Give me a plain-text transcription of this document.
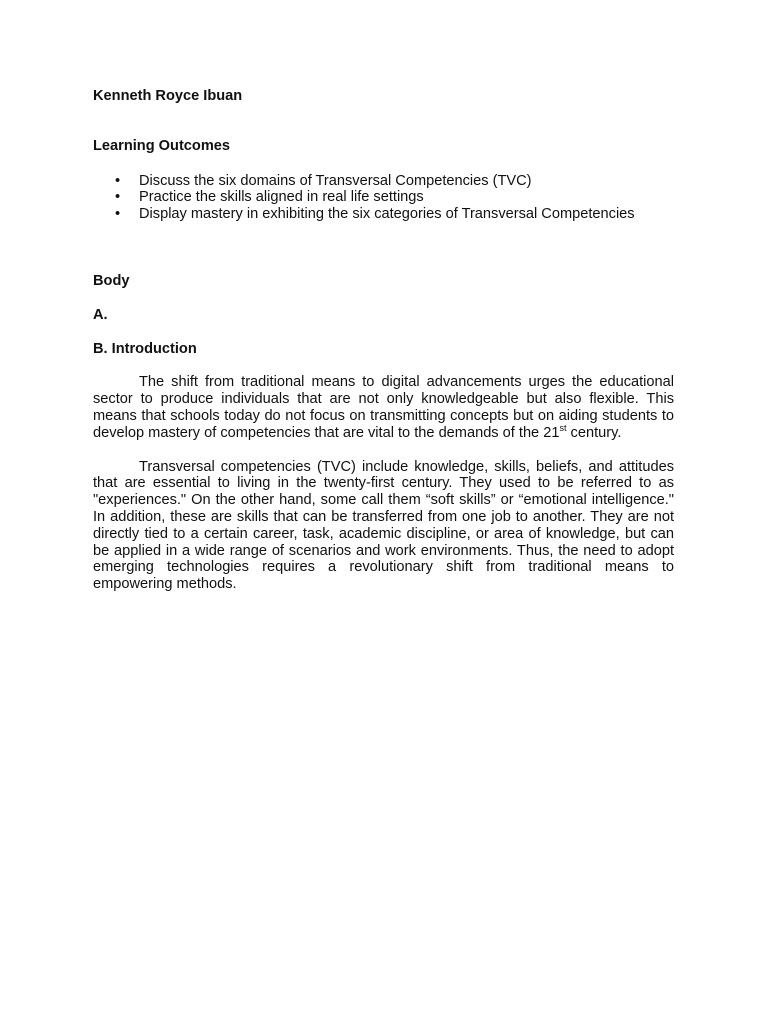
Kenneth Royce Ibuan

Learning Outcomes

• Discuss the six domains of Transversal Competencies (TVC)
• Practice the skills aligned in real life settings
• Display mastery in exhibiting the six categories of Transversal Competencies

Body

A.

B. Introduction

The shift from traditional means to digital advancements urges the educational sector to produce individuals that are not only knowledgeable but also flexible. This means that schools today do not focus on transmitting concepts but on aiding students to develop mastery of competencies that are vital to the demands of the 21st century.

Transversal competencies (TVC) include knowledge, skills, beliefs, and attitudes that are essential to living in the twenty-first century. They used to be referred to as "experiences." On the other hand, some call them “soft skills” or “emotional intelligence." In addition, these are skills that can be transferred from one job to another. They are not directly tied to a certain career, task, academic discipline, or area of knowledge, but can be applied in a wide range of scenarios and work environments. Thus, the need to adopt emerging technologies requires a revolutionary shift from traditional means to empowering methods.
